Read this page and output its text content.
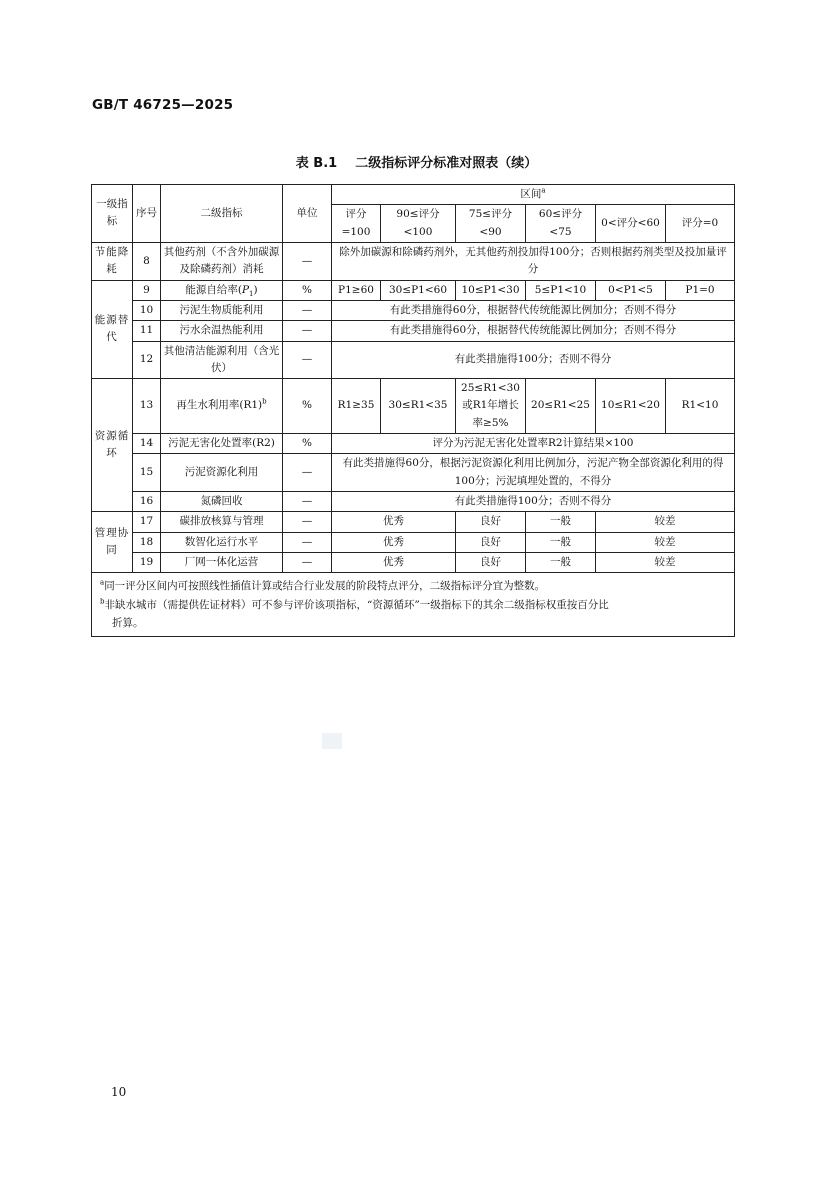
GB/T 46725—2025
表 B.1 二级指标评分标准对照表（续）
一级指标	序号	二级指标	单位	区间$^a$
				评分=100	90≤评分<100	75≤评分<90	60≤评分<75	0<评分<60	评分=0
节能降耗	8	其他药剂（不含外加碳源及除磷药剂）消耗	—	除外加碳源和除磷药剂外，无其他药剂投加得100分；否则根据药剂类型及投加量评分					
能源替代	9	能源自给率$(P_1)$	%	P1≥60	30≤P1<60	10≤P1<30	5≤P1<10	0<P1<5	P1=0
	10	污泥生物质能利用	—	有此类措施得60分，根据替代传统能源比例加分；否则不得分					
	11	污水余温热能利用	—	有此类措施得60分，根据替代传统能源比例加分；否则不得分					
	12	其他清洁能源利用（含光伏）	—	有此类措施得100分；否则不得分					
资源循环	13	再生水利用率$(R1)^b$	%	R1≥35	30≤R1<35	25≤R1<30或R1年增长率≥5%	20≤R1<25	10≤R1<20	R1<10
	14	污泥无害化处置率(R2)	%	评分为污泥无害化处置率R2计算结果×100					
	15	污泥资源化利用	—	有此类措施得60分，根据污泥资源化利用比例加分，污泥产物全部资源化利用的得100分；污泥填埋处置的，不得分					
	16	氮磷回收	—	有此类措施得100分；否则不得分					
管理协同	17	碳排放核算与管理	—	优秀		良好	一般	较差	
	18	数智化运行水平	—	优秀		良好	一般	较差	
	19	厂网一体化运营	—	优秀		良好	一般	较差	

$^a$同一评分区间内可按照线性插值计算或结合行业发展的阶段特点评分，二级指标评分宜为整数。
$^b$非缺水城市（需提供佐证材料）可不参与评价该项指标，“资源循环”一级指标下的其余二级指标权重按百分比
折算。									
10
